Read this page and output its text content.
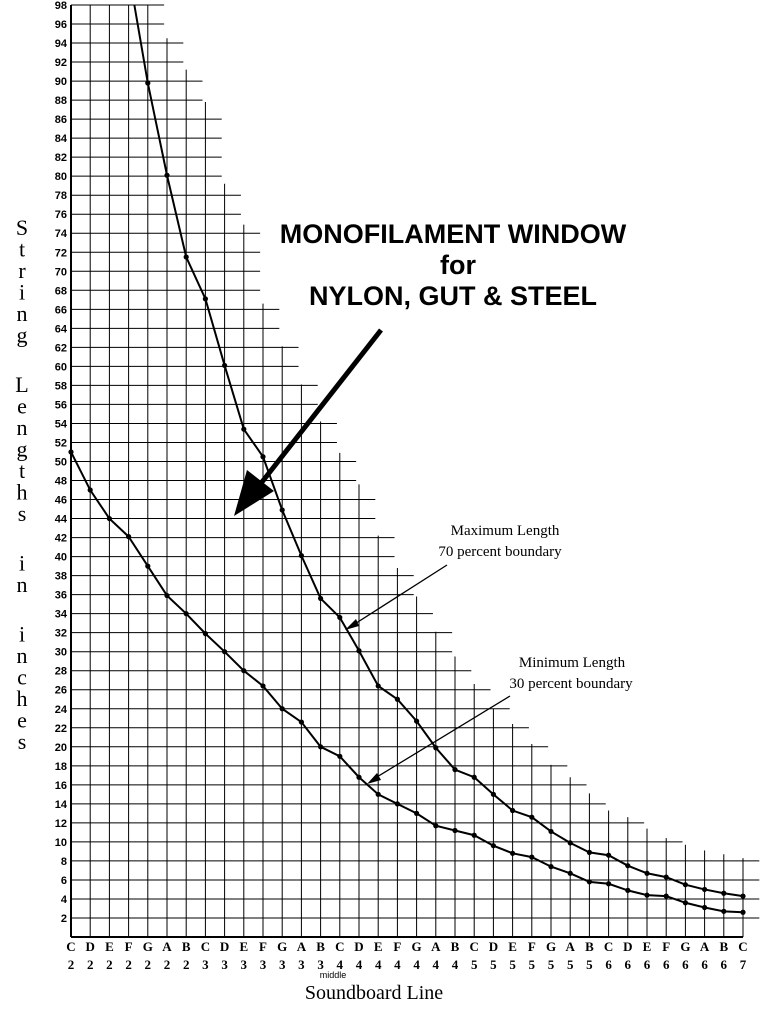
2
4
6
8
10
12
14
16
18
20
22
24
26
28
30
32
34
36
38
40
42
44
46
48
50
52
54
56
58
60
62
64
66
68
70
72
74
76
78
80
82
84
86
88
90
92
94
96
98
C
2
D
2
E
2
F
2
G
2
A
2
B
2
C
3
D
3
E
3
F
3
G
3
A
3
B
3
C
4
D
4
E
4
F
4
G
4
A
4
B
4
C
5
D
5
E
5
F
5
G
5
A
5
B
5
C
6
D
6
E
6
F
6
G
6
A
6
B
6
C
7
MONOFILAMENT WINDOW
for
NYLON, GUT & STEEL
Maximum Length
70 percent boundary
Minimum Length
30 percent boundary
S
t
r
i
n
g
L
e
n
g
t
h
s
i
n
i
n
c
h
e
s
middle
Soundboard Line
